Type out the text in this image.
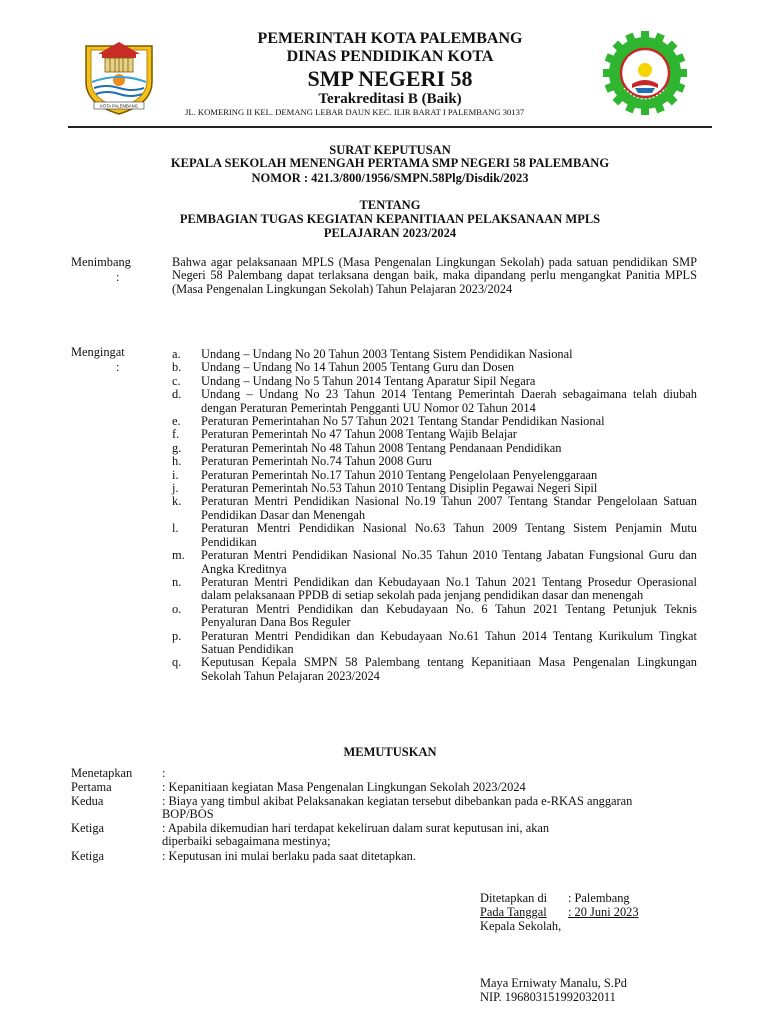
KOTA PALEMBANG
PEMERINTAH KOTA PALEMBANG
DINAS PENDIDIKAN KOTA
SMP NEGERI 58
Terakreditasi B (Baik)
JL. KOMERING II KEL. DEMANG LEBAR DAUN KEC. ILIR BARAT I PALEMBANG 30137
SURAT KEPUTUSAN
KEPALA SEKOLAH MENENGAH PERTAMA SMP NEGERI 58 PALEMBANG
NOMOR : 421.3/800/1956/SMPN.58Plg/Disdik/2023
TENTANG
PEMBAGIAN TUGAS KEGIATAN KEPANITIAAN PELAKSANAAN MPLS
PELAJARAN 2023/2024
Menimbang
:
Bahwa agar pelaksanaan MPLS (Masa Pengenalan Lingkungan Sekolah) pada satuan pendidikan SMP Negeri 58 Palembang dapat terlaksana dengan baik, maka dipandang perlu mengangkat Panitia MPLS (Masa Pengenalan Lingkungan Sekolah) Tahun Pelajaran 2023/2024
Mengingat
:
a.	Undang – Undang No 20 Tahun 2003 Tentang Sistem Pendidikan Nasional
b.	Undang – Undang No 14 Tahun 2005 Tentang Guru dan Dosen
c.	Undang – Undang No 5 Tahun 2014 Tentang Aparatur Sipil Negara
d.	Undang – Undang No 23 Tahun 2014 Tentang Pemerintah Daerah sebagaimana telah diubah dengan Peraturan Pemerintah Pengganti UU Nomor 02 Tahun 2014
e.	Peraturan Pemerintahan No 57 Tahun 2021 Tentang Standar Pendidikan Nasional
f.	Peraturan Pemerintah No 47 Tahun 2008 Tentang Wajib Belajar
g.	Peraturan Pemerintah No 48 Tahun 2008 Tentang Pendanaan Pendidikan
h.	Peraturan Pemerintah No.74 Tahun 2008 Guru
i.	Peraturan Pemerintah No.17 Tahun 2010 Tentang Pengelolaan Penyelenggaraan
j.	Peraturan Pemerintah No.53 Tahun 2010 Tentang Disiplin Pegawai Negeri Sipil
k.	Peraturan Mentri Pendidikan Nasional No.19 Tahun 2007 Tentang Standar Pengelolaan Satuan Pendidikan Dasar dan Menengah
l.	Peraturan Mentri Pendidikan Nasional No.63 Tahun 2009 Tentang Sistem Penjamin Mutu Pendidikan
m.	Peraturan Mentri Pendidikan Nasional No.35 Tahun 2010 Tentang Jabatan Fungsional Guru dan Angka Kreditnya
n.	Peraturan Mentri Pendidikan dan Kebudayaan No.1 Tahun 2021 Tentang Prosedur Operasional dalam pelaksanaan PPDB di setiap sekolah pada jenjang pendidikan dasar dan menengah
o.	Peraturan Mentri Pendidikan dan Kebudayaan No. 6 Tahun 2021 Tentang Petunjuk Teknis Penyaluran Dana Bos Reguler
p.	Peraturan Mentri Pendidikan dan Kebudayaan No.61 Tahun 2014 Tentang Kurikulum Tingkat Satuan Pendidikan
q.	Keputusan Kepala SMPN 58 Palembang tentang Kepanitiaan Masa Pengenalan Lingkungan Sekolah Tahun Pelajaran 2023/2024
MEMUTUSKAN
Menetapkan :
Pertama	: Kepanitiaan kegiatan Masa Pengenalan Lingkungan Sekolah 2023/2024
Kedua	: Biaya yang timbul akibat Pelaksanakan kegiatan tersebut dibebankan pada e-RKAS anggaran
BOP/BOS
Ketiga	: Apabila dikemudian hari terdapat kekeliruan dalam surat keputusan ini, akan
diperbaiki sebagaimana mestinya;
Ketiga	: Keputusan ini mulai berlaku pada saat ditetapkan.
Ditetapkan di	: Palembang
Pada Tanggal	: 20 Juni 2023
Kepala Sekolah,
Maya Erniwaty Manalu, S.Pd
NIP. 196803151992032011
